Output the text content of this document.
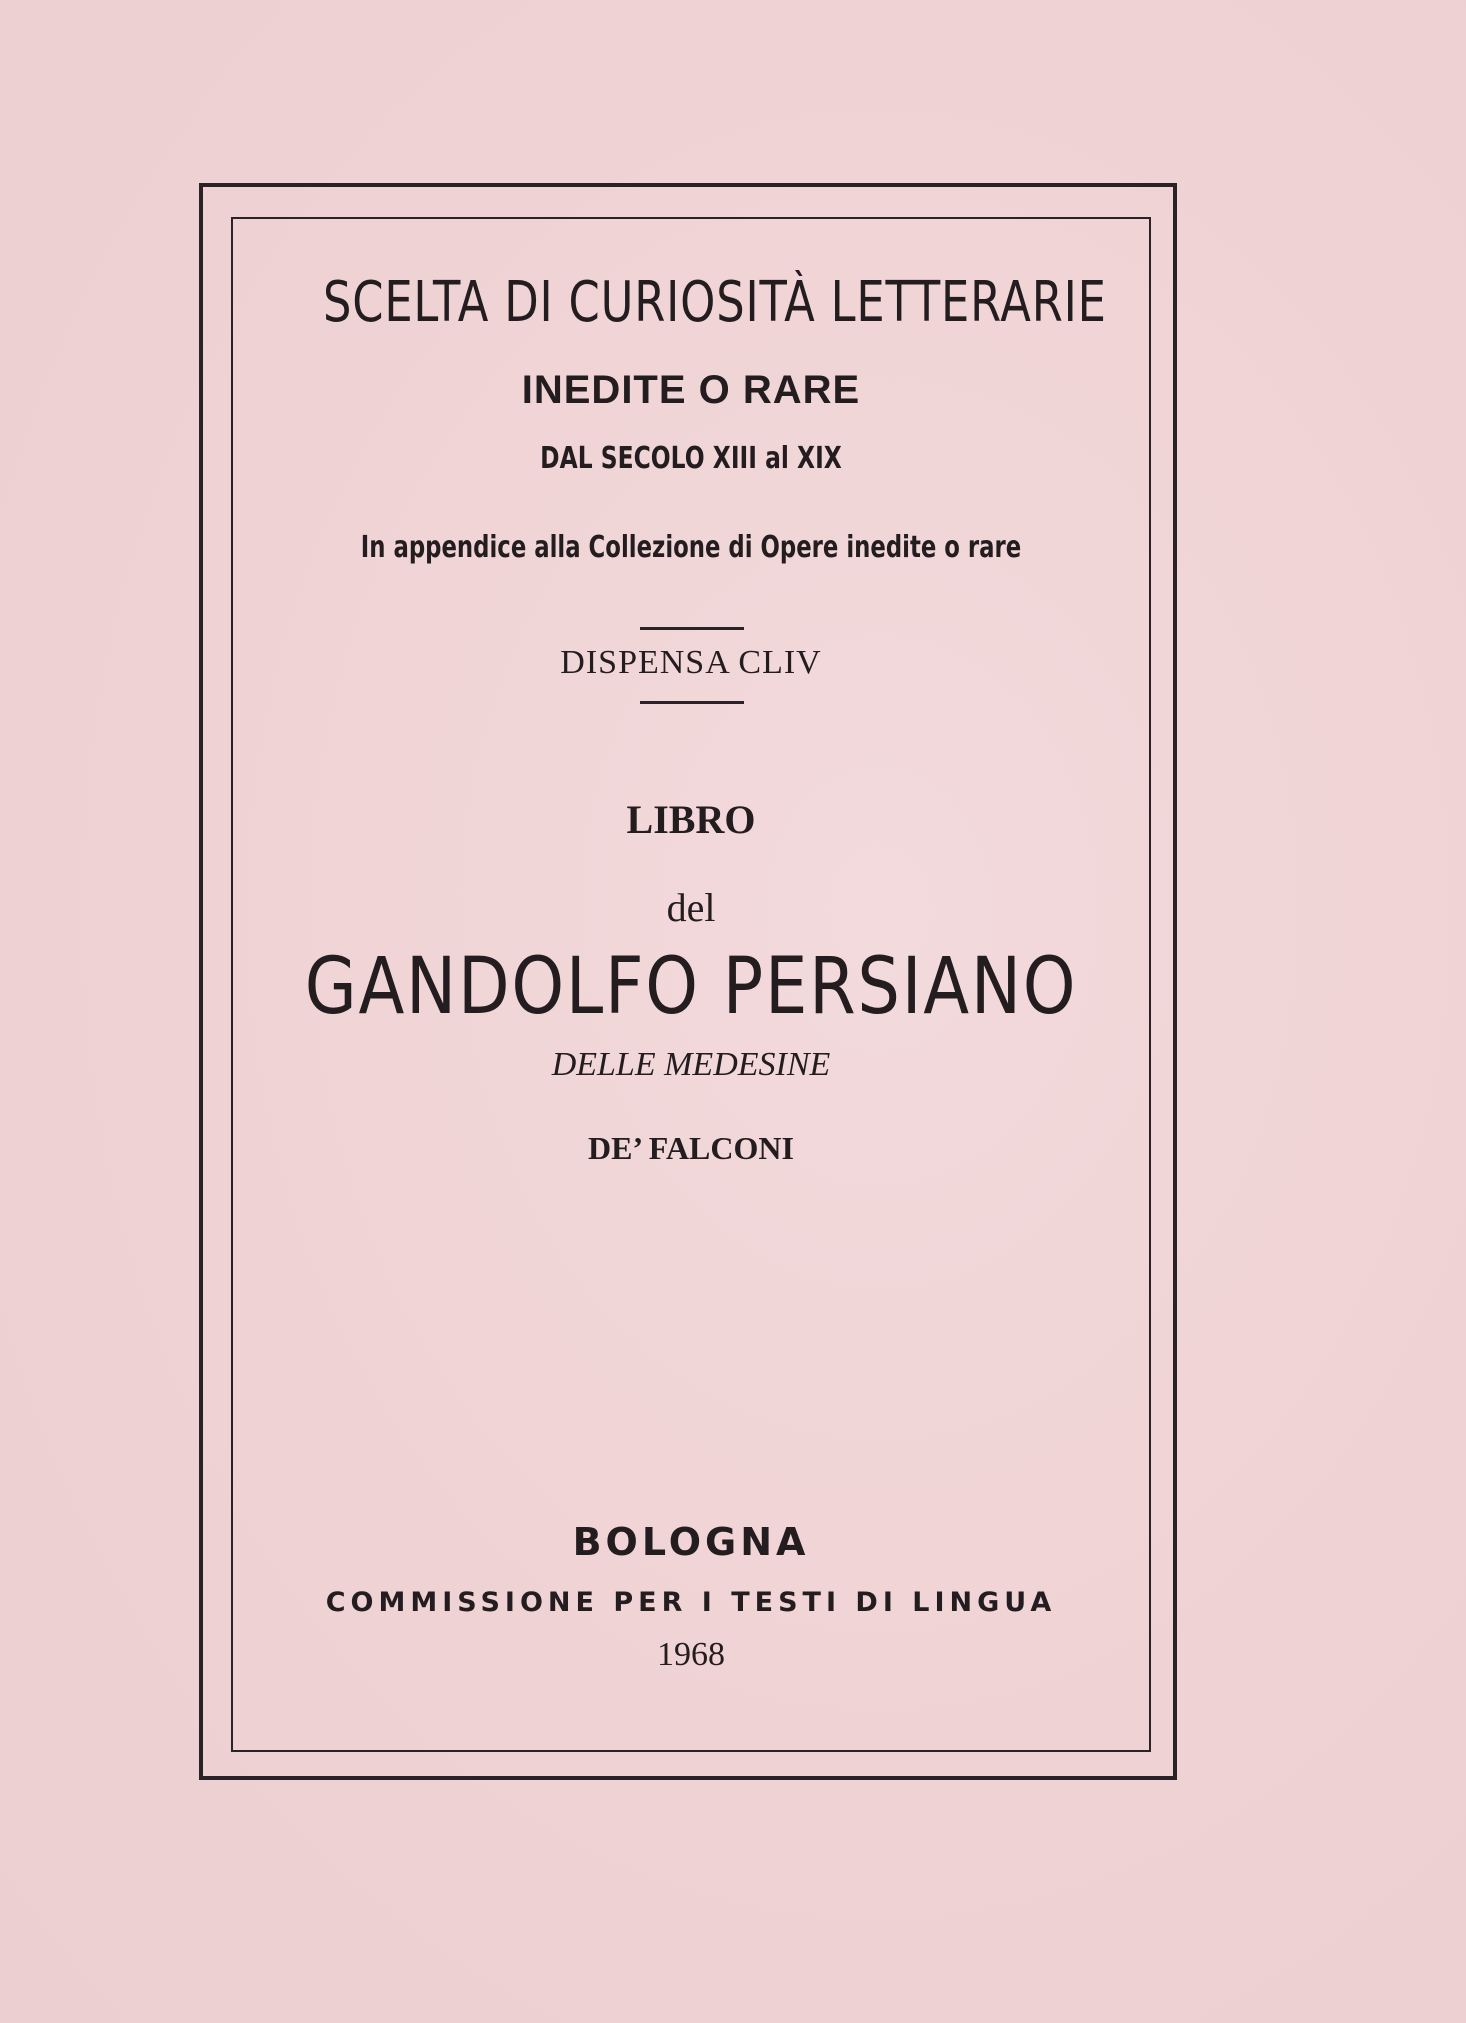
SCELTA DI CURIOSITÀ LETTERARIE
INEDITE O RARE
DAL SECOLO XIII al XIX
In appendice alla Collezione di Opere inedite o rare
DISPENSA CLIV
LIBRO
del
GANDOLFO PERSIANO
DELLE MEDESINE
DE’ FALCONI
BOLOGNA
COMMISSIONE PER I TESTI DI LINGUA
1968
